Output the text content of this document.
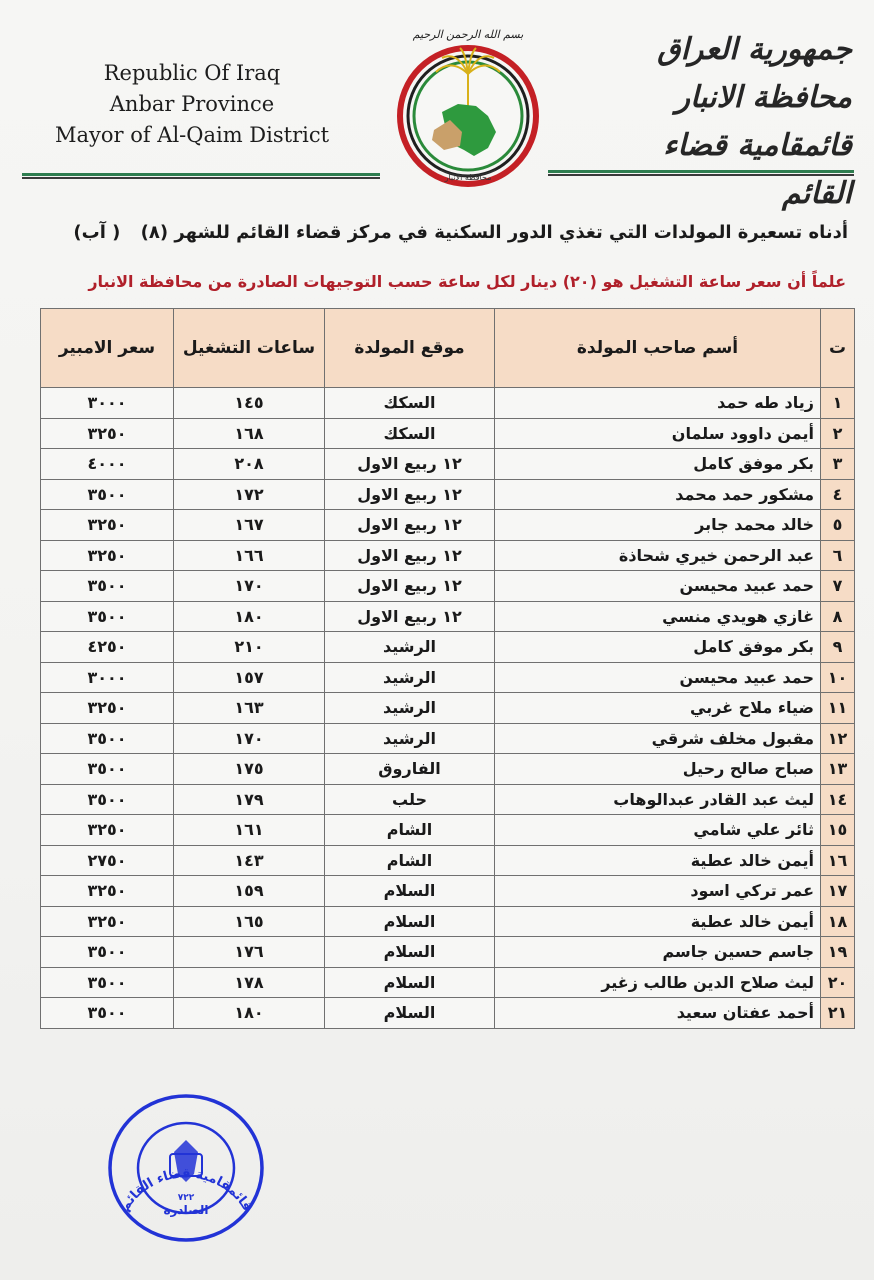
Republic Of Iraq
Anbar Province
Mayor of Al-Qaim District
بسم الله الرحمن الرحيم
محافظة الانبار
جمهورية العراق
محافظة الانبار
قائمقامية قضاء القائم
أدناه تسعيرة المولدات التي تغذي الدور السكنية في مركز قضاء القائم للشهر (٨) ( آب)
علماً أن سعر ساعة التشغيل هو (٢٠) دينار لكل ساعة حسب التوجيهات الصادرة من محافظة الانبار
ت	أسم صاحب المولدة	موقع المولدة	ساعات التشغيل	سعر الامبير
١	زياد طه حمد	السكك	١٤٥	٣٠٠٠
٢	أيمن داوود سلمان	السكك	١٦٨	٣٢٥٠
٣	بكر موفق كامل	١٢ ربيع الاول	٢٠٨	٤٠٠٠
٤	مشكور حمد محمد	١٢ ربيع الاول	١٧٢	٣٥٠٠
٥	خالد محمد جابر	١٢ ربيع الاول	١٦٧	٣٢٥٠
٦	عبد الرحمن خيري شحاذة	١٢ ربيع الاول	١٦٦	٣٢٥٠
٧	حمد عبيد محيسن	١٢ ربيع الاول	١٧٠	٣٥٠٠
٨	غازي هويدي منسي	١٢ ربيع الاول	١٨٠	٣٥٠٠
٩	بكر موفق كامل	الرشيد	٢١٠	٤٢٥٠
١٠	حمد عبيد محيسن	الرشيد	١٥٧	٣٠٠٠
١١	ضياء ملاح غربي	الرشيد	١٦٣	٣٢٥٠
١٢	مقبول مخلف شرقي	الرشيد	١٧٠	٣٥٠٠
١٣	صباح صالح رحيل	الفاروق	١٧٥	٣٥٠٠
١٤	ليث عبد القادر عبدالوهاب	حلب	١٧٩	٣٥٠٠
١٥	ثائر علي شامي	الشام	١٦١	٣٢٥٠
١٦	أيمن خالد عطية	الشام	١٤٣	٢٧٥٠
١٧	عمر تركي اسود	السلام	١٥٩	٣٢٥٠
١٨	أيمن خالد عطية	السلام	١٦٥	٣٢٥٠
١٩	جاسم حسين جاسم	السلام	١٧٦	٣٥٠٠
٢٠	ليث صلاح الدين طالب زغير	السلام	١٧٨	٣٥٠٠
٢١	أحمد عفتان سعيد	السلام	١٨٠	٣٥٠٠
٧٢٢
الصادرة
قائمقامية قضاء القائم
